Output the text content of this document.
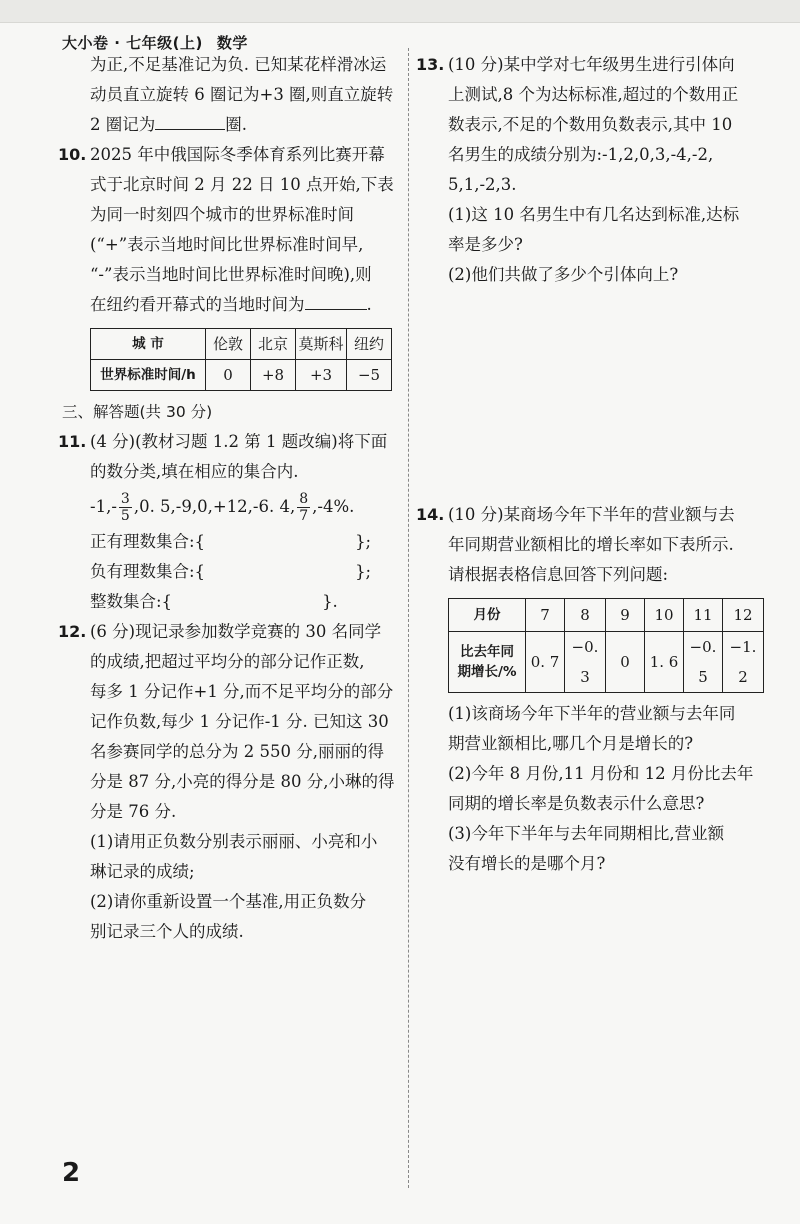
大小卷 · 七年级(上) 数学
为正,不足基准记为负. 已知某花样滑冰运
动员直立旋转 6 圈记为+3 圈,则直立旋转
2 圈记为	圈.
10. 2025 年中俄国际冬季体育系列比赛开幕
式于北京时间 2 月 22 日 10 点开始,下表
为同一时刻四个城市的世界标准时间
(“+”表示当地时间比世界标准时间早,
“-”表示当地时间比世界标准时间晚),则
在纽约看开幕式的当地时间为	.
城 市	伦敦	北京	莫斯科	纽约
世界标准时间/h	0	+8	+3	−5
三、解答题(共 30 分)
11. (4 分)(教材习题 1.2 第 1 题改编)将下面
的数分类,填在相应的集合内.
$-1,- \frac{3}{5} ,0$. 5,-9,0,+12,-6. 4, $\frac{8}{7} ,-4\%$.
正有理数集合:{	};
负有理数集合:{	};
整数集合:{	}.
12. (6 分)现记录参加数学竞赛的 30 名同学
的成绩,把超过平均分的部分记作正数,
每多 1 分记作+1 分,而不足平均分的部分
记作负数,每少 1 分记作-1 分. 已知这 30
名参赛同学的总分为 2 550 分,丽丽的得
分是 87 分,小亮的得分是 80 分,小琳的得
分是 76 分.
(1)请用正负数分别表示丽丽、小亮和小
琳记录的成绩;
(2)请你重新设置一个基准,用正负数分
别记录三个人的成绩.
13. (10 分)某中学对七年级男生进行引体向
上测试,8 个为达标标准,超过的个数用正
数表示,不足的个数用负数表示,其中 10
名男生的成绩分别为:-1,2,0,3,-4,-2,
5,1,-2,3.
(1)这 10 名男生中有几名达到标准,达标
率是多少?
(2)他们共做了多少个引体向上?
14. (10 分)某商场今年下半年的营业额与去
年同期营业额相比的增长率如下表所示.
请根据表格信息回答下列问题:
月份	7	8	9	10	11	12
比去年同
期增长/%	0. 7	−0. 3	0	1. 6	−0. 5	−1. 2
(1)该商场今年下半年的营业额与去年同
期营业额相比,哪几个月是增长的?
(2)今年 8 月份,11 月份和 12 月份比去年
同期的增长率是负数表示什么意思?
(3)今年下半年与去年同期相比,营业额
没有增长的是哪个月?
2
